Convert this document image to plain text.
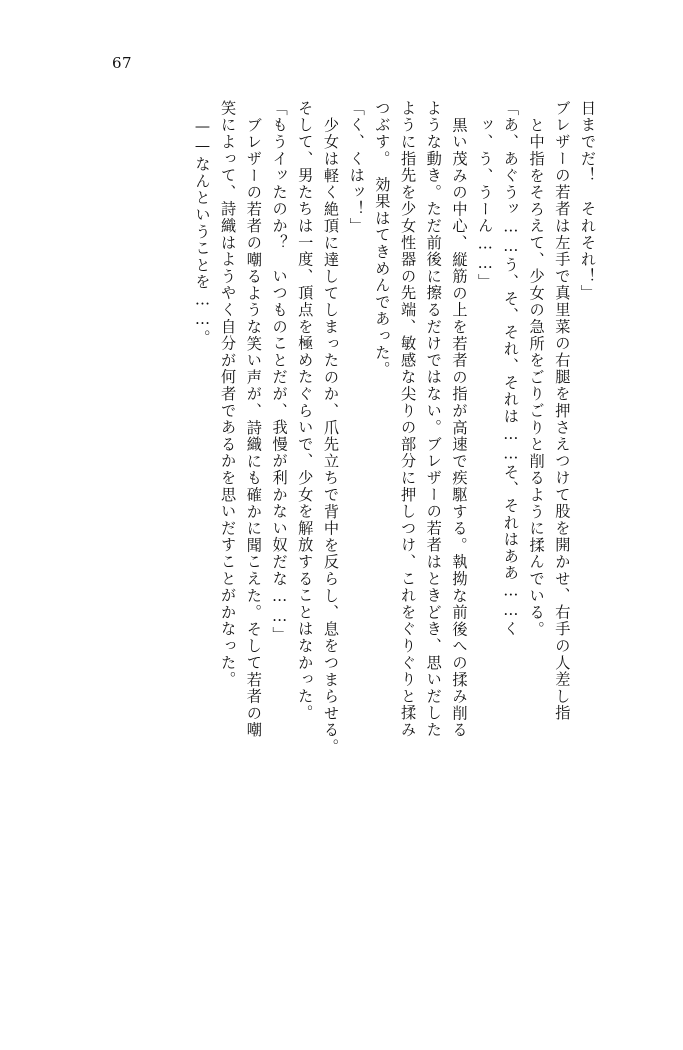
67
日までだ！　それそれ！」
ブレザーの若者は左手で真里菜の右腿を押さえつけて股を開かせ、右手の人差し指
と中指をそろえて、少女の急所をごりごりと削るように揉んでいる。
「あ、あぐうッ……う、そ、それ、それは……そ、それはああ……く
ッ、う、うーん……」
黒い茂みの中心、縦筋の上を若者の指が高速で疾駆する。執拗な前後への揉み削る
ような動き。ただ前後に擦るだけではない。ブレザーの若者はときどき、思いだした
ように指先を少女性器の先端、敏感な尖りの部分に押しつけ、これをぐりぐりと揉み
つぶす。　効果はてきめんであった。
「く、くはッ！」
少女は軽く絶頂に達してしまったのか、爪先立ちで背中を反らし、息をつまらせる。
そして、男たちは一度、頂点を極めたぐらいで、少女を解放することはなかった。
「もうイッたのか？　いつものことだが、我慢が利かない奴だな……」
ブレザーの若者の嘲るような笑い声が、詩織にも確かに聞こえた。そして若者の嘲
笑によって、詩織はようやく自分が何者であるかを思いだすことがかなった。
——なんということを……。
